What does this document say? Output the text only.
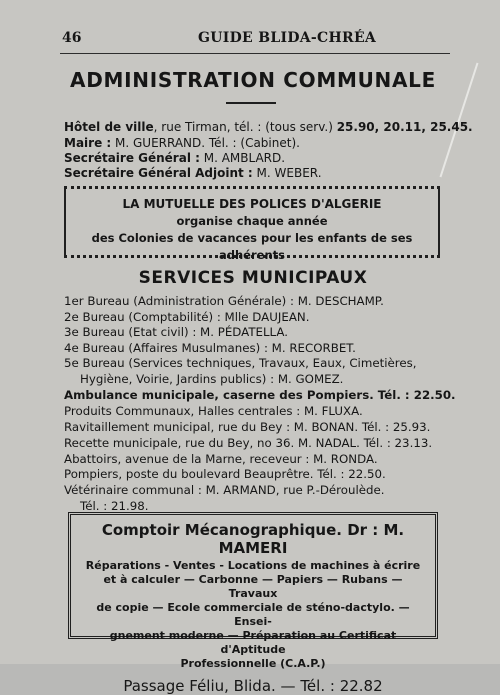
46	GUIDE BLIDA-CHRÉA
ADMINISTRATION COMMUNALE
Hôtel de ville, rue Tirman, tél. : (tous serv.) 25.90, 20.11, 25.45.
Maire : M. GUERRAND. Tél. : (Cabinet).
Secrétaire Général : M. AMBLARD.
Secrétaire Général Adjoint : M. WEBER.
LA MUTUELLE DES POLICES D'ALGERIE
organise chaque année
des Colonies de vacances pour les enfants de ses adhérents
SERVICES MUNICIPAUX
1er Bureau (Administration Générale) : M. DESCHAMP.
2e Bureau (Comptabilité) : Mlle DAUJEAN.
3e Bureau (Etat civil) : M. PÉDATELLA.
4e Bureau (Affaires Musulmanes) : M. RECORBET.
5e Bureau (Services techniques, Travaux, Eaux, Cimetières,
Hygiène, Voirie, Jardins publics) : M. GOMEZ.
Ambulance municipale, caserne des Pompiers. Tél. : 22.50.
Produits Communaux, Halles centrales : M. FLUXA.
Ravitaillement municipal, rue du Bey : M. BONAN. Tél. : 25.93.
Recette municipale, rue du Bey, no 36. M. NADAL. Tél. : 23.13.
Abattoirs, avenue de la Marne, receveur : M. RONDA.
Pompiers, poste du boulevard Beauprêtre. Tél. : 22.50.
Vétérinaire communal : M. ARMAND, rue P.-Déroulède.
Tél. : 21.98.
Comptoir Mécanographique. Dr : M. MAMERI
Réparations - Ventes - Locations de machines à écrire
et à calculer — Carbonne — Papiers — Rubans — Travaux
de copie — Ecole commerciale de sténo-dactylo. — Ensei-
gnement moderne — Préparation au Certificat d'Aptitude
Professionnelle (C.A.P.)
Passage Féliu, Blida. — Tél. : 22.82
